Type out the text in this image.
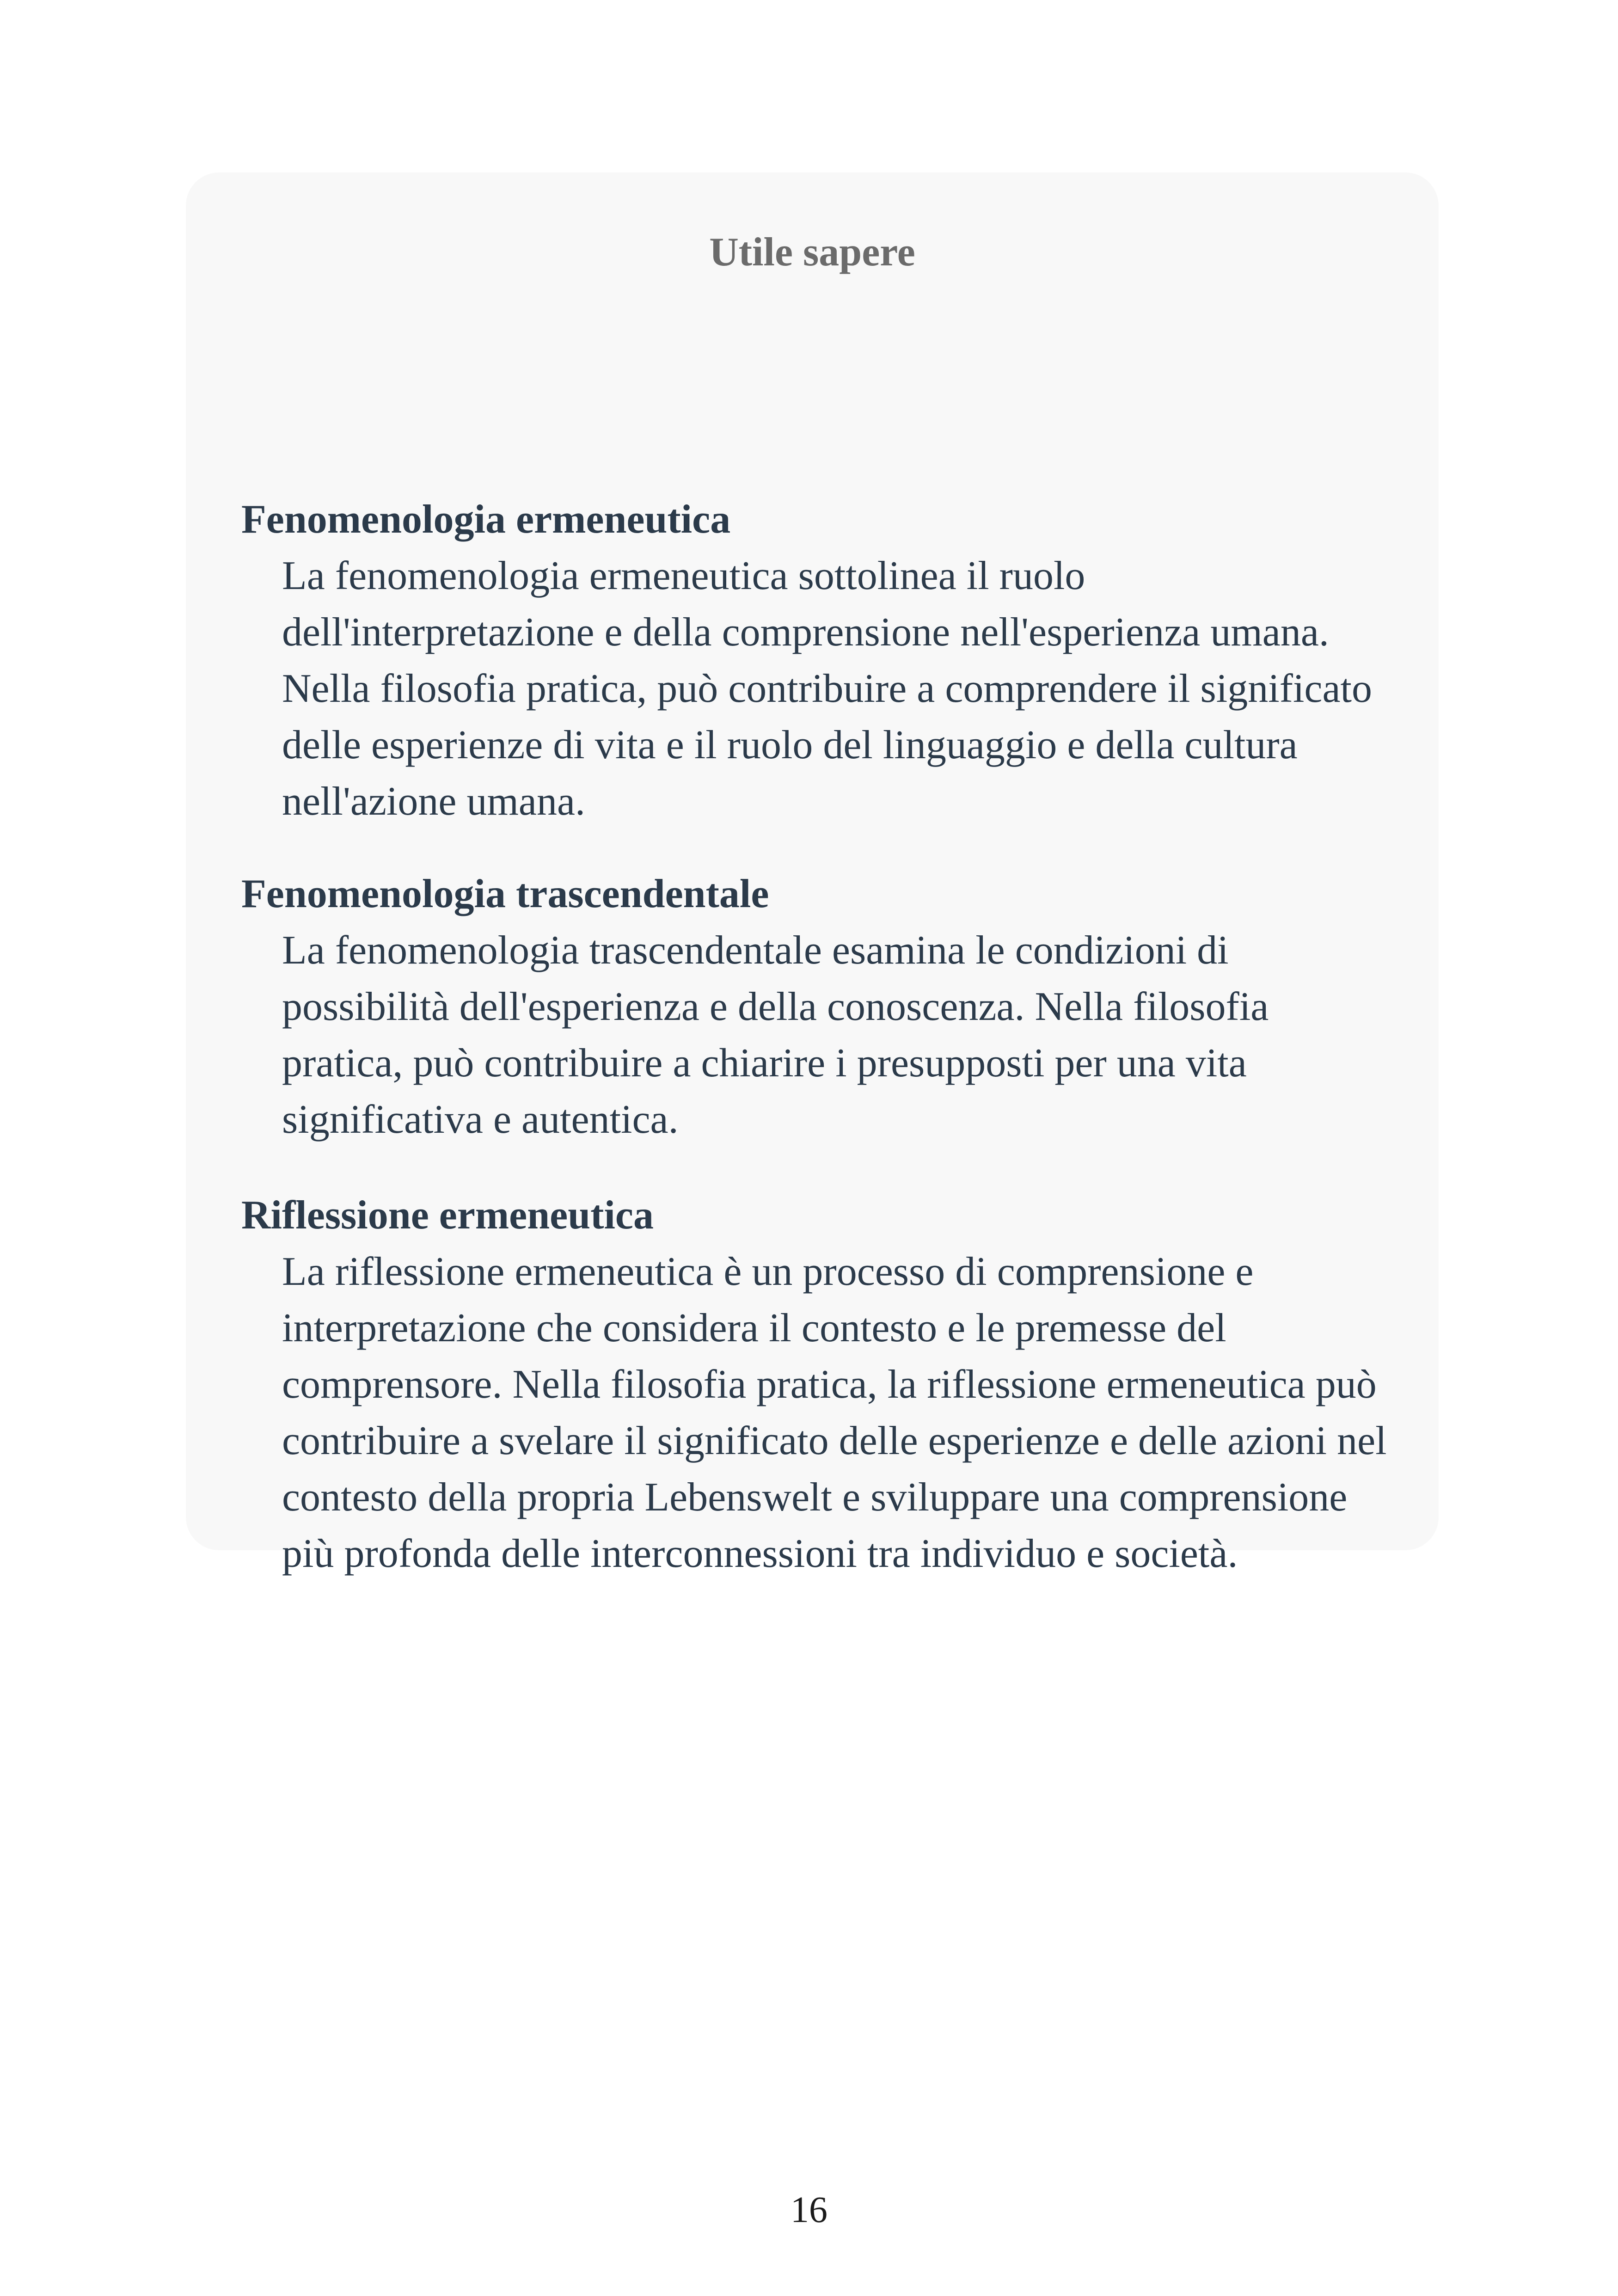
Utile sapere

Fenomenologia ermeneutica

La fenomenologia ermeneutica sottolinea il ruolo dell'interpretazione e della comprensione nell'esperienza umana. Nella filosofia pratica, può contribuire a comprendere il significato delle esperienze di vita e il ruolo del linguaggio e della cultura nell'azione umana.

Fenomenologia trascendentale

La fenomenologia trascendentale esamina le condizioni di possibilità dell'esperienza e della conoscenza. Nella filosofia pratica, può contribuire a chiarire i presupposti per una vita significativa e autentica.

Riflessione ermeneutica

La riflessione ermeneutica è un processo di comprensione e interpretazione che considera il contesto e le premesse del comprensore. Nella filosofia pratica, la riflessione ermeneutica può contribuire a svelare il significato delle esperienze e delle azioni nel contesto della propria Lebenswelt e sviluppare una comprensione più profonda delle interconnessioni tra individuo e società.

16
